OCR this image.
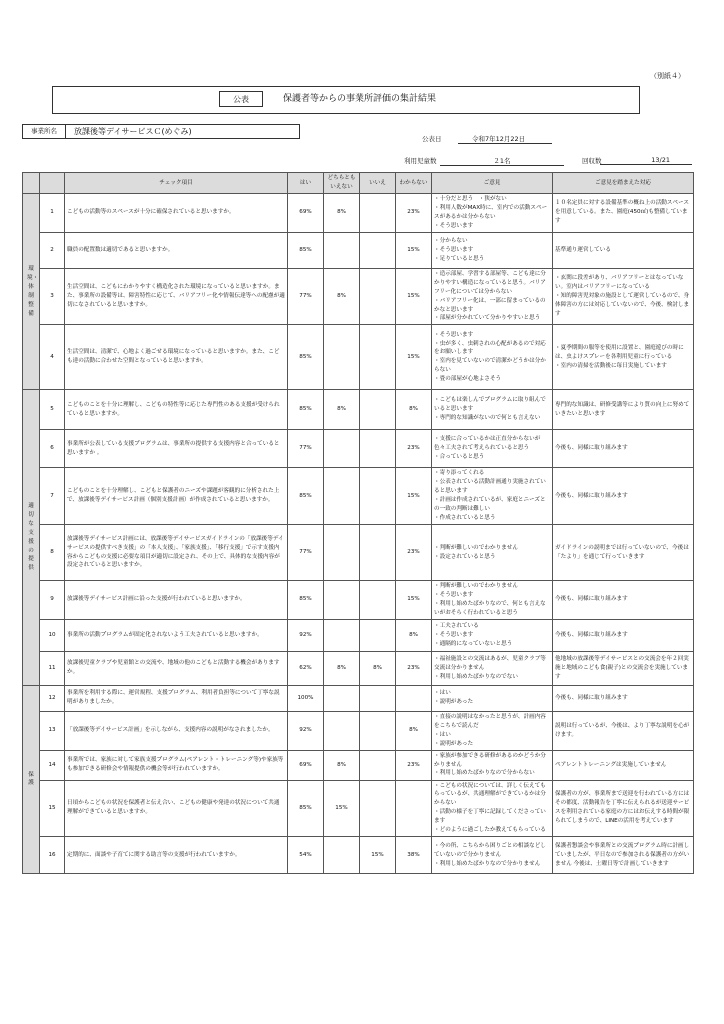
（別紙４）
公表	保護者等からの事業所評価の集計結果
事業所名	放課後等デイサービスＣ(めぐみ)
公表日	令和7年12月22日
利用児童数	２1名	回収数	13/21
		チェック項目	はい	どちらともいえない	いいえ	わからない	ご意見	ご意見を踏まえた対応

環境・体制整備	1	こどもの活動等のスペースが十分に確保されていると思いますか。	69%	8%		23%	・十分だと思う　・狭がない
・利用人数がMAX時に、室内での活動スペースがあるかは分からない
・そう思います	１０名定員に対する設備基準の概ね上の活動スペースを用意している。また、園庭(450㎡)も整備しています
	2	職員の配置数は適切であると思いますか。	85%			15%	・分からない
・そう思います
・足りていると思う	基準通り運営している
	3	生活空間は、こどもにわかりやすく構造化された環境になっていると思いますか。また、事業所の設備等は、障害特性に応じて、バリアフリー化や情報伝達等への配慮が適切になされていると思いますか。	77%	8%		15%	・造示部屋、学習する部屋等、こども達に分かりやすい構造になっていると思う。バリアフリー化については分からない
・バリアフリー化は、一部に留まっているのかなと思います
・部屋が分かれていて分かりやすいと思う	・玄関に段差があり、バリアフリーとはなっていない。室内はバリアフリーになっている
・知的障害児対象の施設として運営しているので、身体障害の方には対応していないので、今後、検討します
	4	生活空間は、清潔で、心地よく過ごせる環境になっていると思いますか。また、こども達の活動に合わせた空間となっていると思いますか。	85%			15%	・そう思います
・虫が多く、虫刺されの心配があるので対応をお願いします
・室内を見ていないので清潔かどうかは分からない
・畳の部屋が心地よさそう	・夏季期間の服等を使用に設置と、園庭遊びの時には、虫よけスプレーを各利用児童に行っている
・室内の清掃を活動後に毎日実施しています

適切な支援の提供	5	こどものことを十分に理解し、こどもの特性等に応じた専門性のある支援が受けられていると思いますか。	85%	8%		8%	・こどもは楽しんでプログラムに取り組んでいると思います
・専門的な知識がないので何とも言えない	専門的な知識は、研修受講等により質の向上に努めていきたいと思います
	6	事業所が公表している支援プログラムは、事業所の提供する支援内容と合っていると思いますか 。	77%			23%	・支援に合っているかは正直分からないが色々工夫されて考えられていると思う
・合っていると思う	今後も、同様に取り組みます
	7	こどものことを十分理解し、こどもと保護者のニーズや課題が客観的に分析された上で、放課後等デイサービス計画（個別支援計画）が作成されていると思いますか。	85%			15%	・寄り添ってくれる
・公表されている活動計画通り実施されていると思います
・計画は作成されているが、家庭とニーズとの一致の判断は難しい
・作成されていると思う	今後も、同様に取り組みます
	8	放課後等デイサービス計画には、放課後等デイサービスガイドラインの「放課後等デイサービスの提供すべき支援」の「本人支援」、「家族支援」、「移行支援」で示す支援内容からこどもの支援に必要な項目が適切に設定され、その上で、具体的な支援内容が設定されていると思いますか。	77%			23%	・判断が難しいのでわかりません
・設定されていると思う	ガイドラインの説明までは行っていないので、今後は「たより」を通じて行っていきます
	9	放課後等デイサービス計画に沿った支援が行われていると思いますか。	85%			15%	・判断が難しいのでわかりません
・そう思います
・利用し始めたばかりなので、何とも言えないがおそらく行われていると思う	今後も、同様に取り組みます
	10	事業所の活動プログラムが固定化されないよう工夫されていると思いますか。	92%			8%	・工夫されている
・そう思います
・通隔的になっていないと思う	今後も、同様に取り組みます
	11	放課後児童クラブや児童館との交流や、地域の他のこどもと活動する機会がありますか。	62%	8%	8%	23%	・福祉施設との交流はあるが、児童クラブ等交流は分かりません
・利用し始めたばかりなのでない	他地域の放課後等デイサービスとの交流会を年２回実施と地域のこども食(親子)との交流会を実施しています

保護	12	事業所を利用する際に、運営規程、支援プログラム、利用者負担等について丁寧な説明がありましたか。	100%				・はい
・説明があった	今後も、同様に取り組みます
	13	「放課後等デイサービス計画」を示しながら、支援内容の説明がなされましたか。	92%			8%	・直接の説明はなかったと思うが、計画内容をこちらで読んだ
・はい
・説明があった	説明は行っているが、今後は、より丁寧な説明を心がけます。
	14	事業所では、家族に対して家族支援プログラム(ペアレント・トレーニング等)や家族等も参加できる研修会や情報提供の機会等が行われていますか。	69%	8%		23%	・家族が参加できる研修があるのかどうか分かりません
・利用し始めたばかりなので分からない	ペアレントトレーニングは実施していません
	15	日頃からこどもの状況を保護者と伝え合い、こどもの健康や発達の状況について共通理解ができていると思いますか。	85%	15%			・こどもの状況については、詳しく伝えてもらっているが、共通理解ができているかは分からない
・活動の様子を丁寧に記録してくださっています
・どのように過ごしたか教えてもらっている	保護者の方が、事業所まで送迎を行われている方にはその都度、活動報告を丁寧に伝えられるが送迎サービスを利用されている家庭の方にはお伝えする時間が限られてしまうので、LINEの活用を考えています
	16	定期的に、面談や子育てに関する助言等の支援が行われていますか。	54%		15%	38%	・今の所、こちらから困りごとの相談などしていないので分かりません
・利用し始めたばかりなので分かりません	保護者懇談会や事業所との交流プログラム時に計画していましたが、平日なので参加される保護者の方がいません 今後は、土曜日等で計画していきます
